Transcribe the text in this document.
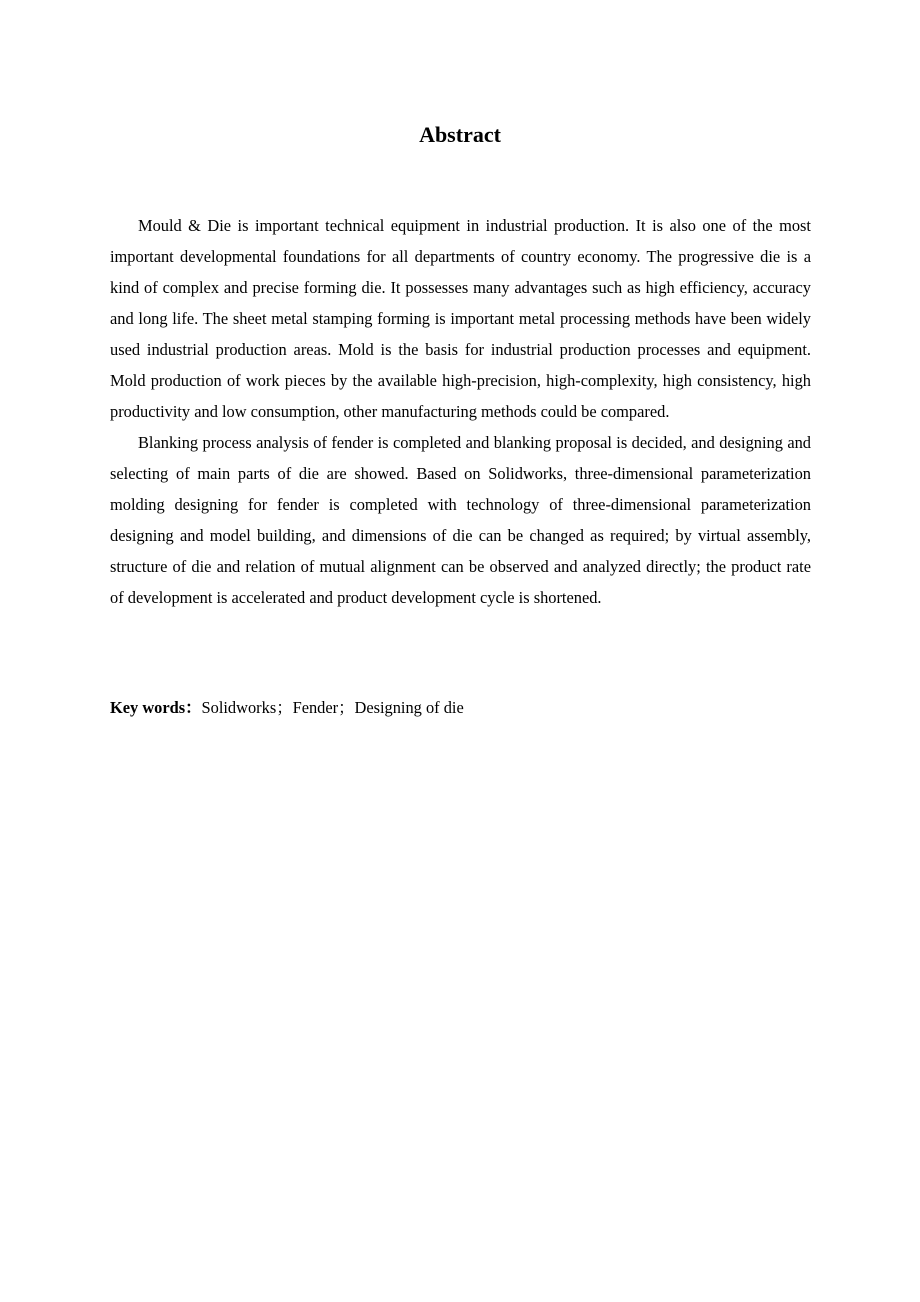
Abstract

Mould & Die is important technical equipment in industrial production. It is also one of the most important developmental foundations for all departments of country economy. The progressive die is a kind of complex and precise forming die. It possesses many advantages such as high efficiency, accuracy and long life. The sheet metal stamping forming is important metal processing methods have been widely used industrial production areas. Mold is the basis for industrial production processes and equipment. Mold production of work pieces by the available high-precision, high-complexity, high consistency, high productivity and low consumption, other manufacturing methods could be compared.

Blanking process analysis of fender is completed and blanking proposal is decided, and designing and selecting of main parts of die are showed. Based on Solidworks, three-dimensional parameterization molding designing for fender is completed with technology of three-dimensional parameterization designing and model building, and dimensions of die can be changed as required; by virtual assembly, structure of die and relation of mutual alignment can be observed and analyzed directly; the product rate of development is accelerated and product development cycle is shortened.

Key words：Solidworks；Fender；Designing of die
